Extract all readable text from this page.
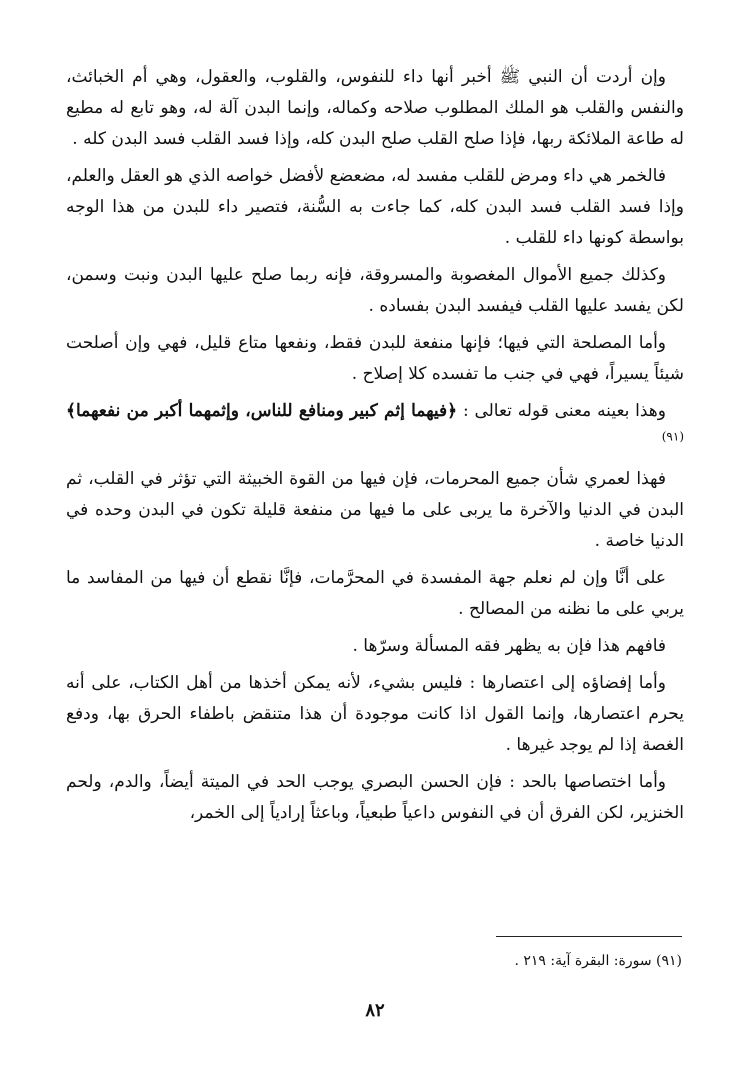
وإن أردت أن النبي ﷺ أخبر أنها داء للنفوس، والقلوب، والعقول، وهي أم الخبائث، والنفس والقلب هو الملك المطلوب صلاحه وكماله، وإنما البدن آلة له، وهو تابع له مطيع له طاعة الملائكة ربها، فإذا صلح القلب صلح البدن كله، وإذا فسد القلب فسد البدن كله .

فالخمر هي داء ومرض للقلب مفسد له، مضعضع لأفضل خواصه الذي هو العقل والعلم، وإذا فسد القلب فسد البدن كله، كما جاءت به السُّنة، فتصير داء للبدن من هذا الوجه بواسطة كونها داء للقلب .

وكذلك جميع الأموال المغصوبة والمسروقة، فإنه ربما صلح عليها البدن ونبت وسمن، لكن يفسد عليها القلب فيفسد البدن بفساده .

وأما المصلحة التي فيها؛ فإنها منفعة للبدن فقط، ونفعها متاع قليل، فهي وإن أصلحت شيئاً يسيراً، فهي في جنب ما تفسده كلا إصلاح .

وهذا بعينه معنى قوله تعالى : ﴿فيهما إثم كبير ومنافع للناس، وإثمهما أكبر من نفعهما﴾$^{(٩١)}$

فهذا لعمري شأن جميع المحرمات، فإن فيها من القوة الخبيثة التي تؤثر في القلب، ثم البدن في الدنيا والآخرة ما يربى على ما فيها من منفعة قليلة تكون في البدن وحده في الدنيا خاصة .

على أنَّا وإن لم نعلم جهة المفسدة في المحرَّمات، فإنَّا نقطع أن فيها من المفاسد ما يربي على ما نظنه من المصالح .

فافهم هذا فإن به يظهر فقه المسألة وسرّها .

وأما إفضاؤه إلى اعتصارها : فليس بشيء، لأنه يمكن أخذها من أهل الكتاب، على أنه يحرم اعتصارها، وإنما القول اذا كانت موجودة أن هذا متنقض باطفاء الحرق بها، ودفع الغصة إذا لم يوجد غيرها .

وأما اختصاصها بالحد : فإن الحسن البصري يوجب الحد في الميتة أيضاً، والدم، ولحم الخنزير، لكن الفرق أن في النفوس داعياً طبعياً، وباعثاً إرادياً إلى الخمر،

(٩١) سورة: البقرة آية: ٢١٩ .
٨٢
